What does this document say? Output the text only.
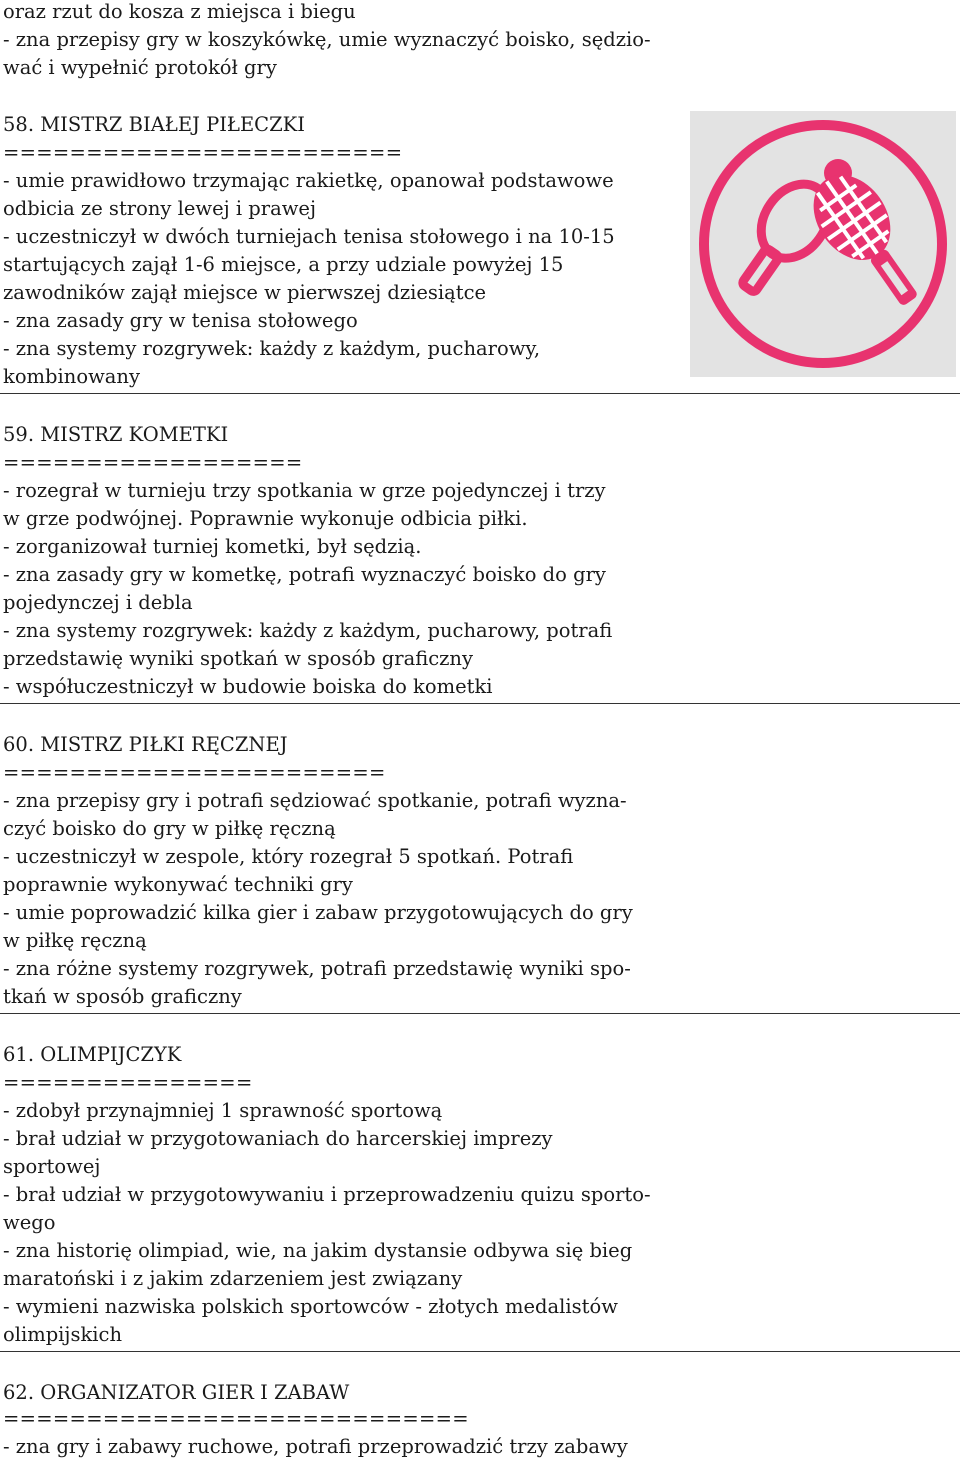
oraz rzut do kosza z miejsca i biegu
- zna przepisy gry w koszykówkę, umie wyznaczyć boisko, sędzio-
wać i wypełnić protokół gry
58. MISTRZ BIAŁEJ PIŁECZKI
========================
- umie prawidłowo trzymając rakietkę, opanował podstawowe
odbicia ze strony lewej i prawej
- uczestniczył w dwóch turniejach tenisa stołowego i na 10-15
startujących zajął 1-6 miejsce, a przy udziale powyżej 15
zawodników zajął miejsce w pierwszej dziesiątce
- zna zasady gry w tenisa stołowego
- zna systemy rozgrywek: każdy z każdym, pucharowy,
kombinowany
59. MISTRZ KOMETKI
==================
- rozegrał w turnieju trzy spotkania w grze pojedynczej i trzy
w grze podwójnej. Poprawnie wykonuje odbicia piłki.
- zorganizował turniej kometki, był sędzią.
- zna zasady gry w kometkę, potrafi wyznaczyć boisko do gry
pojedynczej i debla
- zna systemy rozgrywek: każdy z każdym, pucharowy, potrafi
przedstawię wyniki spotkań w sposób graficzny
- współuczestniczył w budowie boiska do kometki
60. MISTRZ PIŁKI RĘCZNEJ
=======================
- zna przepisy gry i potrafi sędziować spotkanie, potrafi wyzna-
czyć boisko do gry w piłkę ręczną
- uczestniczył w zespole, który rozegrał 5 spotkań. Potrafi
poprawnie wykonywać techniki gry
- umie poprowadzić kilka gier i zabaw przygotowujących do gry
w piłkę ręczną
- zna różne systemy rozgrywek, potrafi przedstawię wyniki spo-
tkań w sposób graficzny
61. OLIMPIJCZYK
===============
- zdobył przynajmniej 1 sprawność sportową
- brał udział w przygotowaniach do harcerskiej imprezy
sportowej
- brał udział w przygotowywaniu i przeprowadzeniu quizu sporto-
wego
- zna historię olimpiad, wie, na jakim dystansie odbywa się bieg
maratoński i z jakim zdarzeniem jest związany
- wymieni nazwiska polskich sportowców - złotych medalistów
olimpijskich
62. ORGANIZATOR GIER I ZABAW
============================
- zna gry i zabawy ruchowe, potrafi przeprowadzić trzy zabawy
